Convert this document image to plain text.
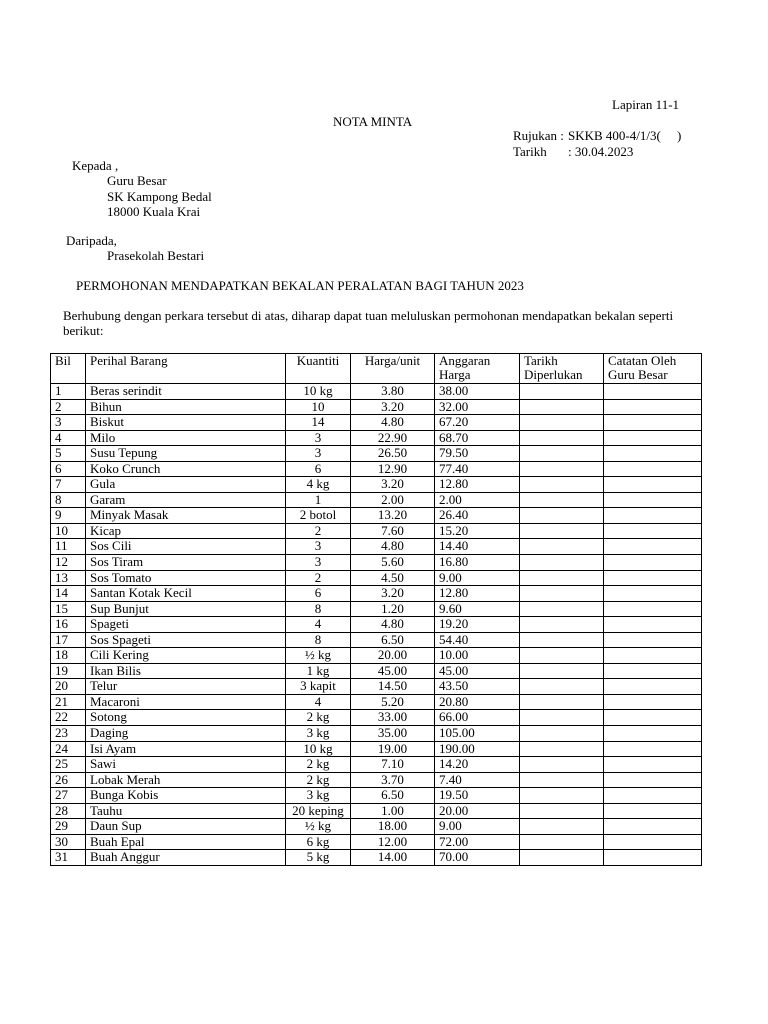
Lapiran 11-1
NOTA MINTA
Rujukan : SKKB 400-4/1/3(     )
Tarikh : 30.04.2023
Kepada ,
Guru Besar
SK Kampong Bedal
18000 Kuala Krai
Daripada,
Prasekolah Bestari
PERMOHONAN MENDAPATKAN BEKALAN PERALATAN BAGI TAHUN 2023
Berhubung dengan perkara tersebut di atas, diharap dapat tuan meluluskan permohonan mendapatkan bekalan seperti berikut:
Bil	Perihal Barang	Kuantiti	Harga/unit	Anggaran Harga	Tarikh Diperlukan	Catatan Oleh Guru Besar
1	Beras serindit	10 kg	3.80	38.00		
2	Bihun	10	3.20	32.00		
3	Biskut	14	4.80	67.20		
4	Milo	3	22.90	68.70		
5	Susu Tepung	3	26.50	79.50		
6	Koko Crunch	6	12.90	77.40		
7	Gula	4 kg	3.20	12.80		
8	Garam	1	2.00	2.00		
9	Minyak Masak	2 botol	13.20	26.40		
10	Kicap	2	7.60	15.20		
11	Sos Cili	3	4.80	14.40		
12	Sos Tiram	3	5.60	16.80		
13	Sos Tomato	2	4.50	9.00		
14	Santan Kotak Kecil	6	3.20	12.80		
15	Sup Bunjut	8	1.20	9.60		
16	Spageti	4	4.80	19.20		
17	Sos Spageti	8	6.50	54.40		
18	Cili Kering	½ kg	20.00	10.00		
19	Ikan Bilis	1 kg	45.00	45.00		
20	Telur	3 kapit	14.50	43.50		
21	Macaroni	4	5.20	20.80		
22	Sotong	2 kg	33.00	66.00		
23	Daging	3 kg	35.00	105.00		
24	Isi Ayam	10 kg	19.00	190.00		
25	Sawi	2 kg	7.10	14.20		
26	Lobak Merah	2 kg	3.70	7.40		
27	Bunga Kobis	3 kg	6.50	19.50		
28	Tauhu	20 keping	1.00	20.00		
29	Daun Sup	½ kg	18.00	9.00		
30	Buah Epal	6 kg	12.00	72.00		
31	Buah Anggur	5 kg	14.00	70.00		
